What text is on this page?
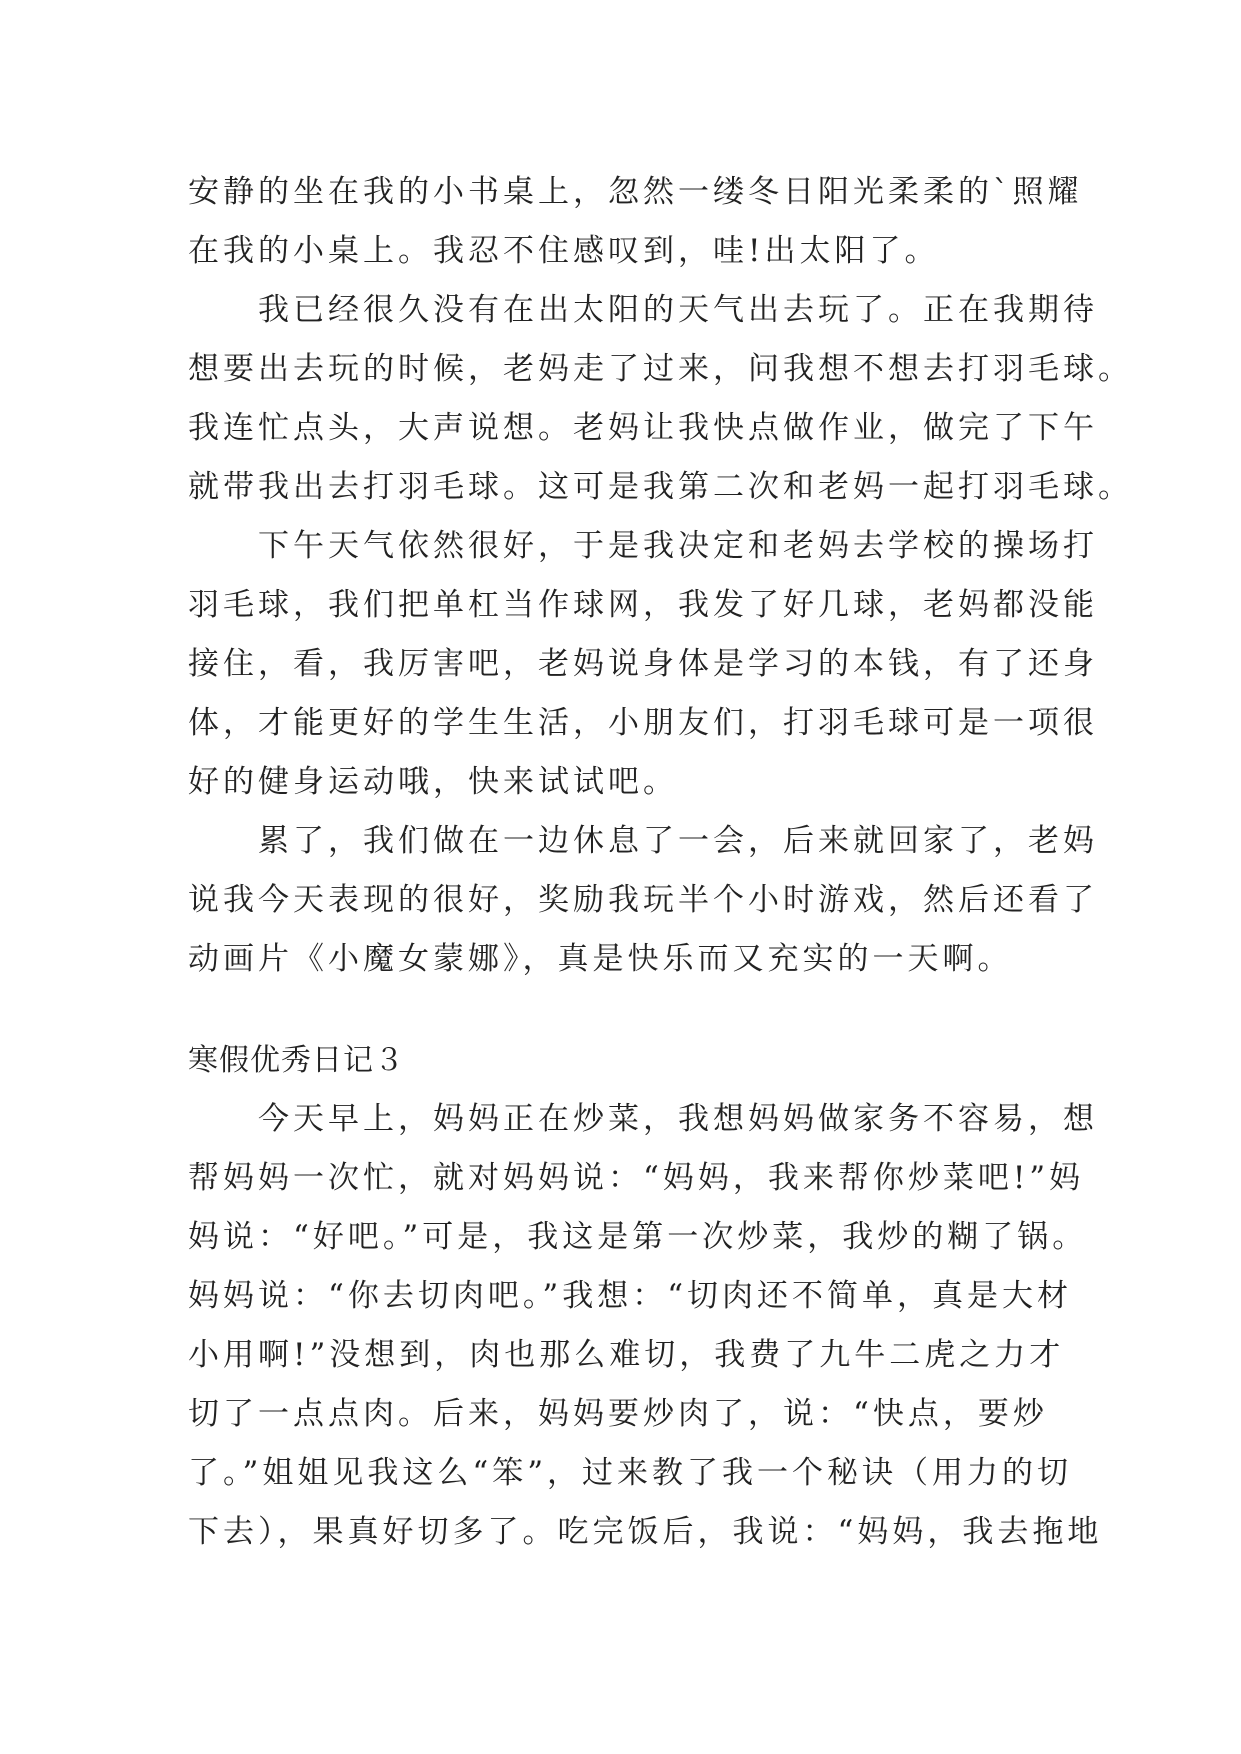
安静的坐在我的小书桌上，忽然一缕冬日阳光柔柔的`照耀
在我的小桌上。我忍不住感叹到，哇!出太阳了。
我已经很久没有在出太阳的天气出去玩了。正在我期待
想要出去玩的时候，老妈走了过来，问我想不想去打羽毛球。
我连忙点头，大声说想。老妈让我快点做作业，做完了下午
就带我出去打羽毛球。这可是我第二次和老妈一起打羽毛球。
下午天气依然很好，于是我决定和老妈去学校的操场打
羽毛球，我们把单杠当作球网，我发了好几球，老妈都没能
接住，看，我厉害吧，老妈说身体是学习的本钱，有了还身
体，才能更好的学生生活，小朋友们，打羽毛球可是一项很
好的健身运动哦，快来试试吧。
累了，我们做在一边休息了一会，后来就回家了，老妈
说我今天表现的很好，奖励我玩半个小时游戏，然后还看了
动画片《小魔女蒙娜》，真是快乐而又充实的一天啊。
寒假优秀日记３
今天早上，妈妈正在炒菜，我想妈妈做家务不容易，想
帮妈妈一次忙，就对妈妈说：“妈妈，我来帮你炒菜吧!”妈
妈说：“好吧。”可是，我这是第一次炒菜，我炒的糊了锅。
妈妈说：“你去切肉吧。”我想：“切肉还不简单，真是大材
小用啊!”没想到，肉也那么难切，我费了九牛二虎之力才
切了一点点肉。后来，妈妈要炒肉了，说：“快点，要炒
了。”姐姐见我这么“笨”，过来教了我一个秘诀（用力的切
下去），果真好切多了。吃完饭后，我说：“妈妈，我去拖地
